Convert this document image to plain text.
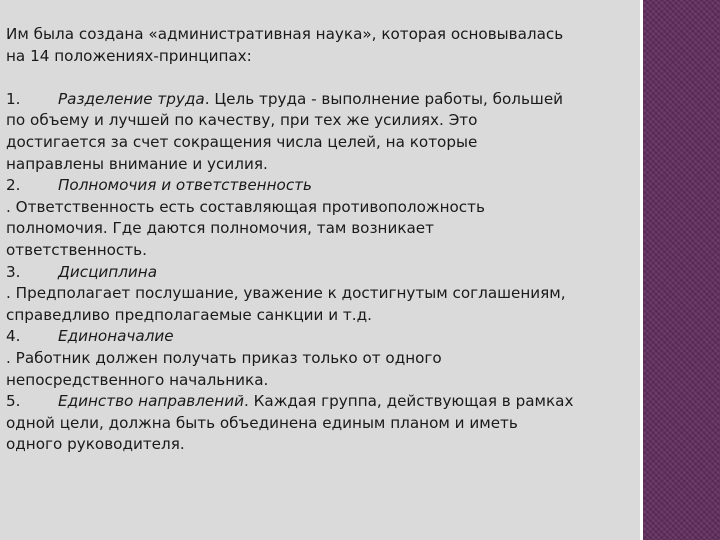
Им была создана «административная наука», которая основывалась

на 14 положениях-принципах:

1. Разделение труда. Цель труда - выполнение работы, большей

по объему и лучшей по качеству, при тех же усилиях. Это

достигается за счет сокращения числа целей, на которые

направлены внимание и усилия.

2. Полномочия и ответственность

. Ответственность есть составляющая противоположность

полномочия. Где даются полномочия, там возникает

ответственность.

3. Дисциплина

. Предполагает послушание, уважение к достигнутым соглашениям,

справедливо предполагаемые санкции и т.д.

4. Единоначалие

. Работник должен получать приказ только от одного

непосредственного начальника.

5. Единство направлений. Каждая группа, действующая в рамках

одной цели, должна быть объединена единым планом и иметь

одного руководителя.
